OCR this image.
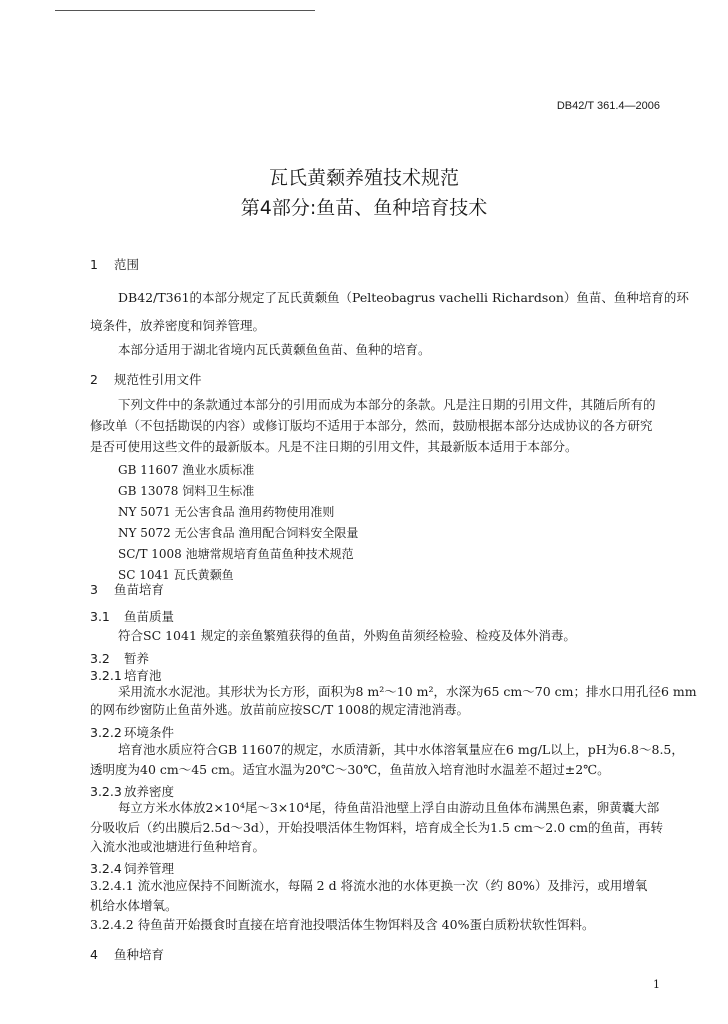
DB42/T 361.4—2006
瓦氏黄颡养殖技术规范
第4部分:鱼苗、鱼种培育技术
1 范围
DB42/T361的本部分规定了瓦氏黄颡鱼（Pelteobagrus vachelli Richardson）鱼苗、鱼种培育的环
境条件，放养密度和饲养管理。
本部分适用于湖北省境内瓦氏黄颡鱼鱼苗、鱼种的培育。
2 规范性引用文件
下列文件中的条款通过本部分的引用而成为本部分的条款。凡是注日期的引用文件，其随后所有的
修改单（不包括勘误的内容）或修订版均不适用于本部分，然而，鼓励根据本部分达成协议的各方研究
是否可使用这些文件的最新版本。凡是不注日期的引用文件，其最新版本适用于本部分。
GB 11607 渔业水质标准
GB 13078 饲料卫生标准
NY 5071 无公害食品 渔用药物使用准则
NY 5072 无公害食品 渔用配合饲料安全限量
SC/T 1008 池塘常规培育鱼苗鱼种技术规范
SC 1041 瓦氏黄颡鱼
3 鱼苗培育
3.1 鱼苗质量
符合SC 1041 规定的亲鱼繁殖获得的鱼苗，外购鱼苗须经检验、检疫及体外消毒。
3.2 暂养
3.2.1 培育池
采用流水水泥池。其形状为长方形，面积为8 m²～10 m²，水深为65 cm～70 cm；排水口用孔径6 mm
的网布纱窗防止鱼苗外逃。放苗前应按SC/T 1008的规定清池消毒。
3.2.2 环境条件
培育池水质应符合GB 11607的规定，水质清新，其中水体溶氧量应在6 mg/L以上，pH为6.8～8.5，
透明度为40 cm～45 cm。适宜水温为20℃～30℃，鱼苗放入培育池时水温差不超过±2℃。
3.2.3 放养密度
每立方米水体放2×10⁴尾～3×10⁴尾，待鱼苗沿池壁上浮自由游动且鱼体布满黑色素，卵黄囊大部
分吸收后（约出膜后2.5d～3d），开始投喂活体生物饵料，培育成全长为1.5 cm～2.0 cm的鱼苗，再转
入流水池或池塘进行鱼种培育。
3.2.4 饲养管理
3.2.4.1 流水池应保持不间断流水，每隔 2 d 将流水池的水体更换一次（约 80%）及排污，或用增氧
机给水体增氧。
3.2.4.2 待鱼苗开始摄食时直接在培育池投喂活体生物饵料及含 40%蛋白质粉状软性饵料。
4 鱼种培育
1
